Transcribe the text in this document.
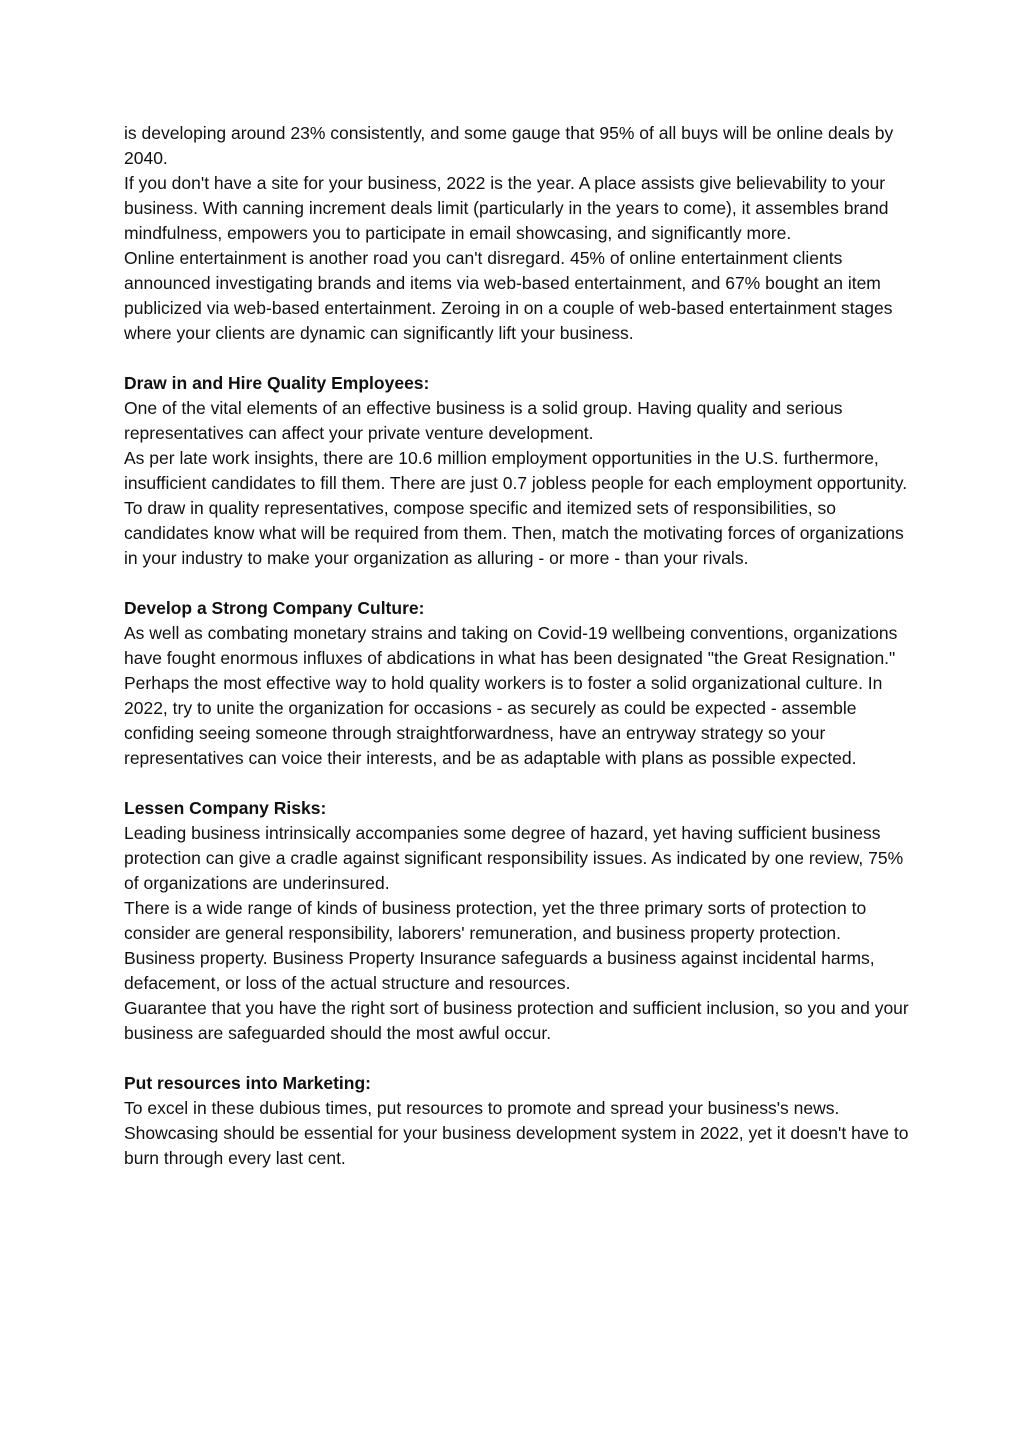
is developing around 23% consistently, and some gauge that 95% of all buys will be online deals by 2040.

If you don't have a site for your business, 2022 is the year. A place assists give believability to your business. With canning increment deals limit (particularly in the years to come), it assembles brand mindfulness, empowers you to participate in email showcasing, and significantly more.

Online entertainment is another road you can't disregard. 45% of online entertainment clients announced investigating brands and items via web-based entertainment, and 67% bought an item publicized via web-based entertainment. Zeroing in on a couple of web-based entertainment stages where your clients are dynamic can significantly lift your business.

Draw in and Hire Quality Employees:

One of the vital elements of an effective business is a solid group. Having quality and serious representatives can affect your private venture development.

As per late work insights, there are 10.6 million employment opportunities in the U.S. furthermore, insufficient candidates to fill them. There are just 0.7 jobless people for each employment opportunity.

To draw in quality representatives, compose specific and itemized sets of responsibilities, so candidates know what will be required from them. Then, match the motivating forces of organizations in your industry to make your organization as alluring - or more - than your rivals.

Develop a Strong Company Culture:

As well as combating monetary strains and taking on Covid-19 wellbeing conventions, organizations have fought enormous influxes of abdications in what has been designated "the Great Resignation."

Perhaps the most effective way to hold quality workers is to foster a solid organizational culture. In 2022, try to unite the organization for occasions - as securely as could be expected - assemble confiding seeing someone through straightforwardness, have an entryway strategy so your representatives can voice their interests, and be as adaptable with plans as possible expected.

Lessen Company Risks:

Leading business intrinsically accompanies some degree of hazard, yet having sufficient business protection can give a cradle against significant responsibility issues. As indicated by one review, 75% of organizations are underinsured.

There is a wide range of kinds of business protection, yet the three primary sorts of protection to consider are general responsibility, laborers' remuneration, and business property protection.

Business property. Business Property Insurance safeguards a business against incidental harms, defacement, or loss of the actual structure and resources.

Guarantee that you have the right sort of business protection and sufficient inclusion, so you and your business are safeguarded should the most awful occur.

Put resources into Marketing:

To excel in these dubious times, put resources to promote and spread your business's news. Showcasing should be essential for your business development system in 2022, yet it doesn't have to burn through every last cent.
